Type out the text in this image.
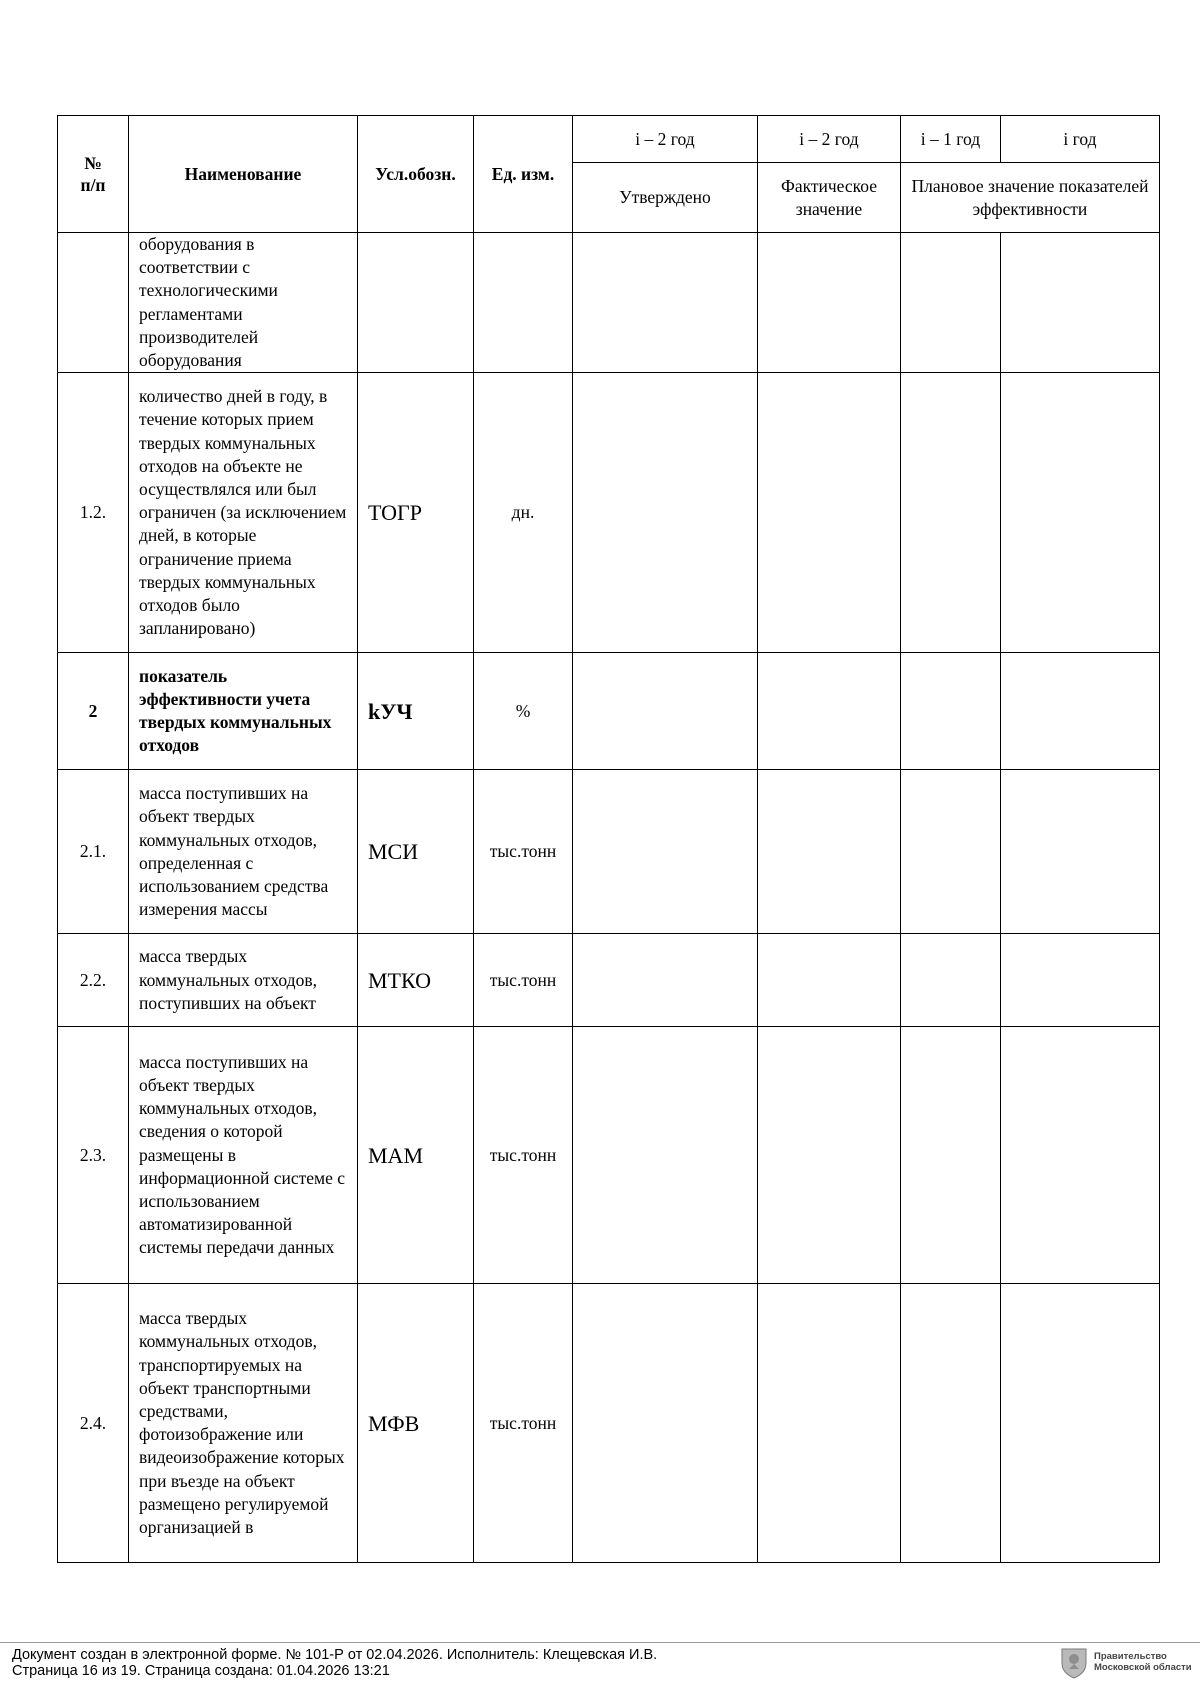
№
п/п	Наименование	Усл.обозн.	Ед. изм.	i – 2 год	i – 2 год	i – 1 год	i год
				Утверждено	Фактическое значение	Плановое значение показателей эффективности	
	оборудования в соответствии с технологическими регламентами производителей оборудования						
1.2.	количество дней в году, в течение которых прием твердых коммунальных отходов на объекте не осуществлялся или был ограничен (за исключением дней, в которые ограничение приема твердых коммунальных отходов было запланировано)	ТОГР	дн.				
2	показатель эффективности учета твердых коммунальных отходов	kУЧ	%				
2.1.	масса поступивших на объект твердых коммунальных отходов, определенная с использованием средства измерения массы	МСИ	тыс.тонн				
2.2.	масса твердых коммунальных отходов, поступивших на объект	МТКО	тыс.тонн				
2.3.	масса поступивших на объект твердых коммунальных отходов, сведения о которой размещены в информационной системе с использованием автоматизированной системы передачи данных	МАМ	тыс.тонн				
2.4.	масса твердых коммунальных отходов, транспортируемых на объект транспортными средствами, фотоизображение или видеоизображение которых при въезде на объект размещено регулируемой организацией в	МФВ	тыс.тонн				
Документ создан в электронной форме. № 101-Р от 02.04.2026. Исполнитель: Клещевская И.В.
Страница 16 из 19. Страница создана: 01.04.2026 13:21
Правительство
Московской области
